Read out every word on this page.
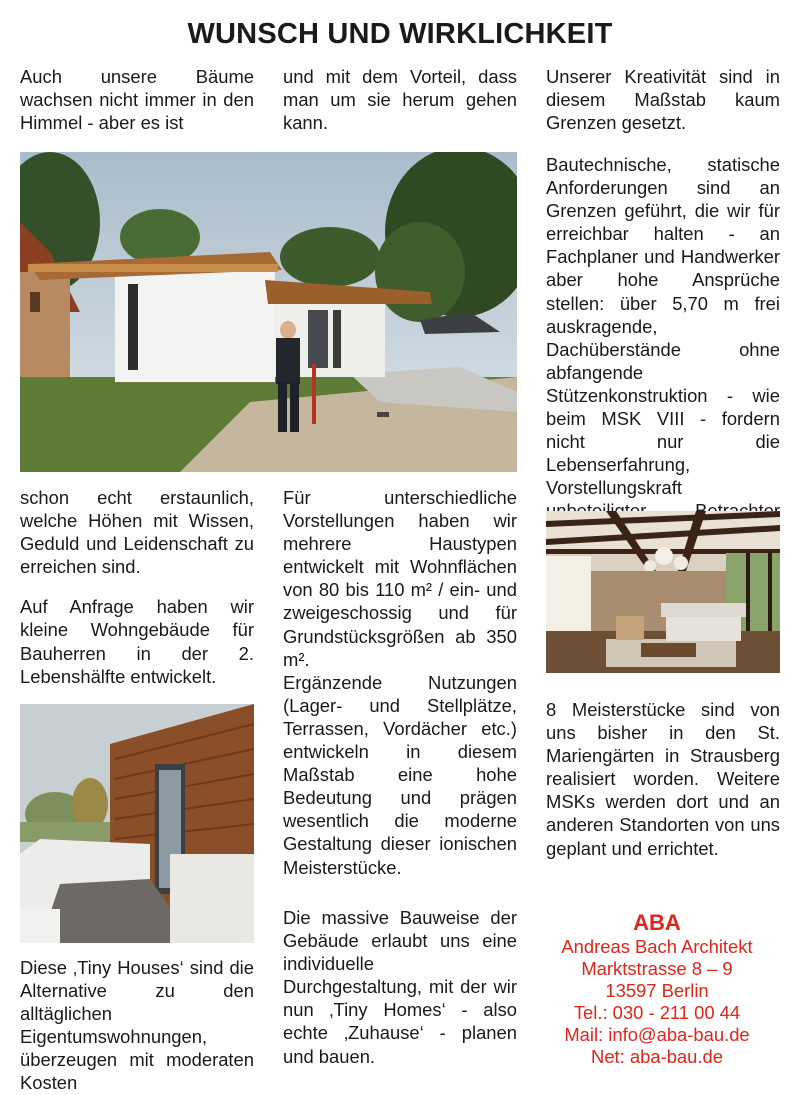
WUNSCH UND WIRKLICHKEIT

Auch unsere Bäume wachsen nicht immer in den Himmel - aber es ist

schon echt erstaunlich, welche Höhen mit Wissen, Geduld und Leidenschaft zu erreichen sind.
Auf Anfrage haben wir kleine Wohngebäude für Bauherren in der 2. Lebenshälfte entwickelt.

Diese ‚Tiny Houses‘ sind die Alternative zu den alltäglichen Eigentumswohnungen, überzeugen mit moderaten Kosten

und mit dem Vorteil, dass man um sie herum gehen kann.

Für unterschiedliche Vorstellungen haben wir mehrere Haustypen entwickelt mit Wohnflächen von 80 bis 110 m² / ein- und zweigeschossig und für Grundstücksgrößen ab 350 m².
Ergänzende Nutzungen (Lager- und Stellplätze, Terrassen, Vordächer etc.) entwickeln in diesem Maßstab eine hohe Bedeutung und prägen wesentlich die moderne Gestaltung dieser ionischen Meisterstücke.

Die massive Bauweise der Gebäude erlaubt uns eine individuelle Durchgestaltung, mit der wir nun ‚Tiny Homes‘ - also echte ‚Zuhause‘ - planen und bauen.

Unserer Kreativität sind in diesem Maßstab kaum Grenzen gesetzt.

Bautechnische, statische Anforderungen sind an Grenzen geführt, die wir für erreichbar halten - an Fachplaner und Handwerker aber hohe Ansprüche stellen: über 5,70 m frei auskragende, Dachüberstände ohne abfangende Stützenkonstruktion - wie beim MSK VIII - fordern nicht nur die Lebenserfahrung, Vorstellungskraft

8 Meisterstücke sind von uns bisher in den St. Mariengärten in Strausberg realisiert worden. Weitere MSKs werden dort und an anderen Standorten von uns geplant und errichtet.

ABA
Andreas Bach Architekt
Marktstrasse 8 – 9
13597 Berlin
Tel.: 030 - 211 00 44
Mail: info@aba-bau.de
Net: aba-bau.de
